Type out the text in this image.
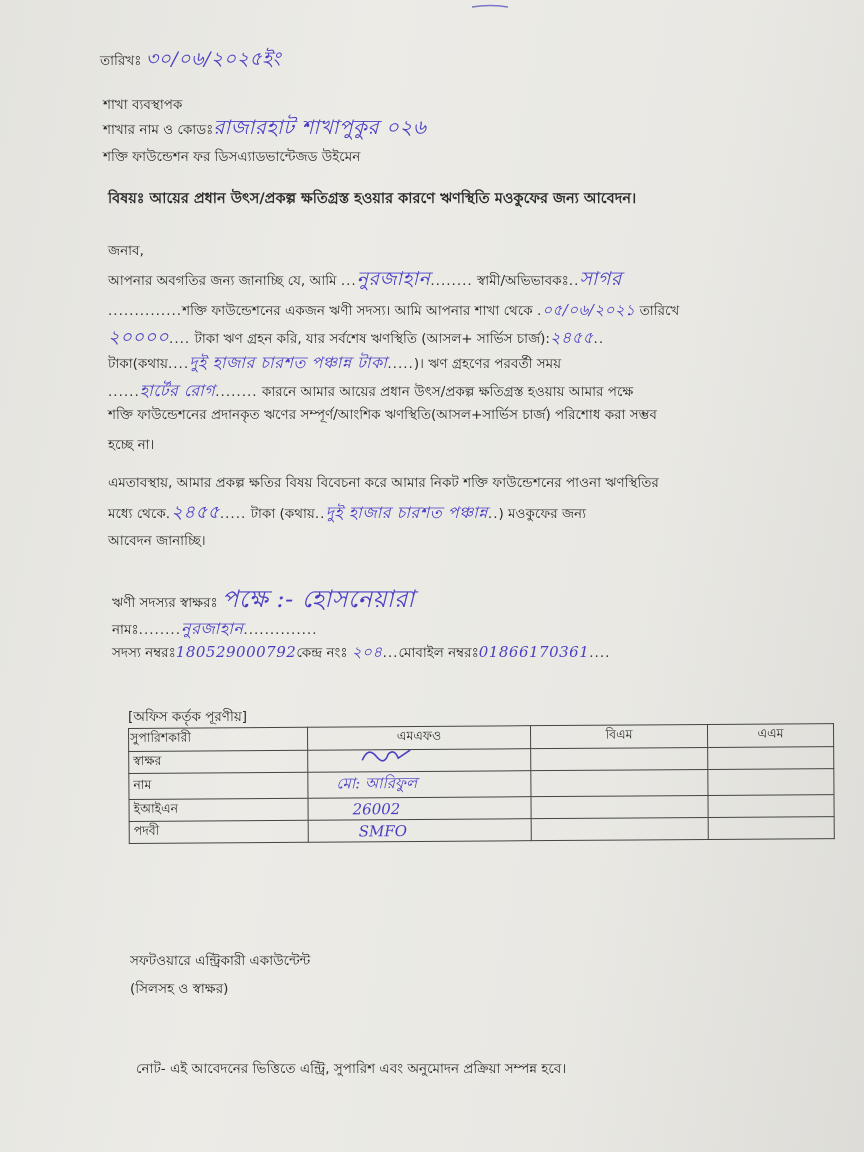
তারিখঃ ৩০/০৬/২০২৫ইং
শাখা ব্যবস্থাপক
শাখার নাম ও কোডঃরাজারহাট শাখাপুকুর ০২৬
শক্তি ফাউন্ডেশন ফর ডিসএ্যাডভান্টেজড উইমেন
বিষয়ঃ আয়ের প্রধান উৎস/প্রকল্প ক্ষতিগ্রস্ত হওয়ার কারণে ঋণস্থিতি মওকুফের জন্য আবেদন।
জনাব,
আপনার অবগতির জন্য জানাচ্ছি যে, আমি ...নুরজাহান........ স্বামী/অভিভাবকঃ..সাগর
..............শক্তি ফাউন্ডেশনের একজন ঋণী সদস্য। আমি আপনার শাখা থেকে .০৫/০৬/২০২১ তারিখে
২০০০০.... টাকা ঋণ গ্রহন করি, যার সর্বশেষ ঋণস্থিতি (আসল+ সার্ভিস চার্জ):২৪৫৫..
টাকা(কথায়....দুই হাজার চারশত পঞ্চান্ন টাকা.....)। ঋণ গ্রহণের পরবর্তী সময়
......হার্টের রোগ........ কারনে আমার আয়ের প্রধান উৎস/প্রকল্প ক্ষতিগ্রস্ত হওয়ায় আমার পক্ষে
শক্তি ফাউন্ডেশনের প্রদানকৃত ঋণের সম্পূর্ণ/আংশিক ঋণস্থিতি(আসল+সার্ভিস চার্জ) পরিশোধ করা সম্ভব
হচ্ছে না।
এমতাবস্থায়, আমার প্রকল্প ক্ষতির বিষয় বিবেচনা করে আমার নিকট শক্তি ফাউন্ডেশনের পাওনা ঋণস্থিতির
মধ্যে থেকে.২৪৫৫..... টাকা (কথায়..দুই হাজার চারশত পঞ্চান্ন..) মওকুফের জন্য
আবেদন জানাচ্ছি।
ঋণী সদস্যর স্বাক্ষরঃ পক্ষে :- হোসনেয়ারা
নামঃ........নুরজাহান..............
সদস্য নম্বরঃ180529000792কেন্দ্র নংঃ ২০৪...মোবাইল নম্বরঃ01866170361....
[অফিস কর্তৃক পূরণীয়]
সুপারিশকারী	এমএফও	বিএম	এএম
স্বাক্ষর	

নাম	মো: আরিফুল		
ইআইএন	26002		
পদবী	SMFO		
সফটওয়ারে এন্ট্রিকারী একাউন্টেন্ট
(সিলসহ ও স্বাক্ষর)
নোট- এই আবেদনের ভিত্তিতে এন্ট্রি, সুপারিশ এবং অনুমোদন প্রক্রিয়া সম্পন্ন হবে।
